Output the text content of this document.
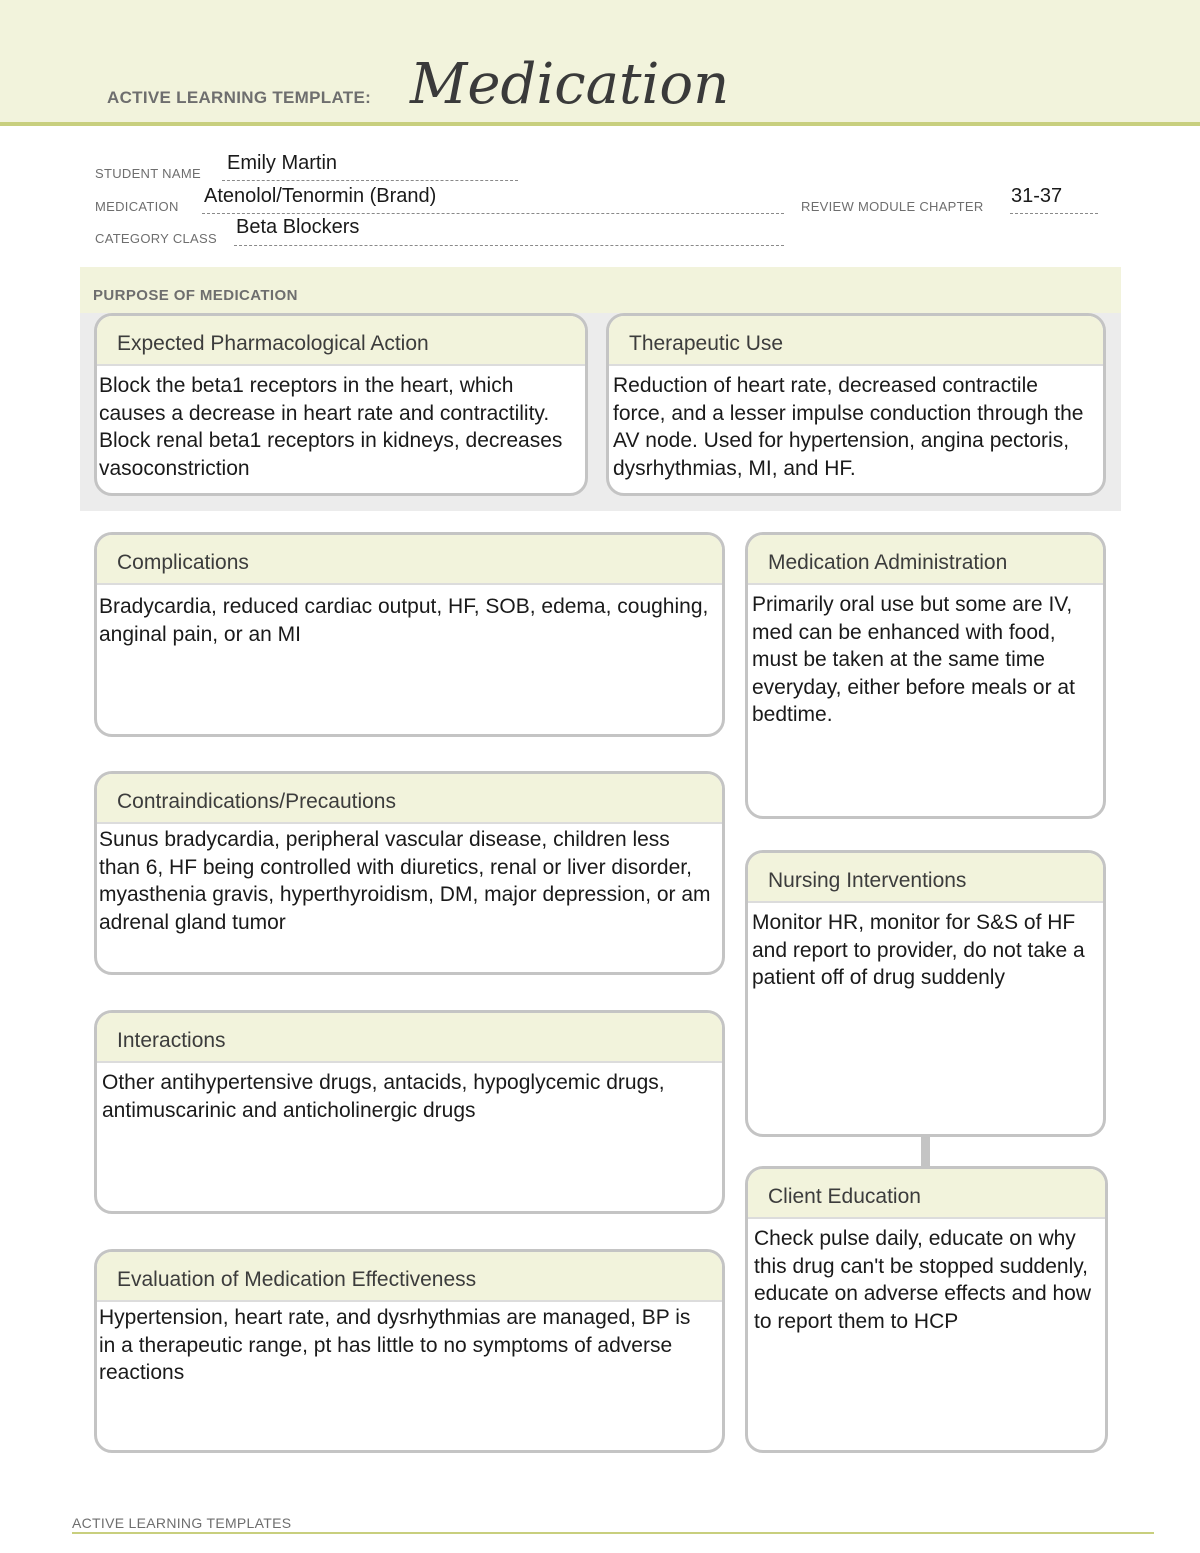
ACTIVE LEARNING TEMPLATE: Medication
STUDENT NAME Emily Martin
MEDICATION Atenolol/Tenormin (Brand)	REVIEW MODULE CHAPTER 31-37
CATEGORY CLASS
Beta Blockers
PURPOSE OF MEDICATION
Expected Pharmacological Action
Block the beta1 receptors in the heart, which causes a decrease in heart rate and contractility. Block renal beta1 receptors in kidneys, decreases vasoconstriction
Therapeutic Use
Reduction of heart rate, decreased contractile force, and a lesser impulse conduction through the AV node. Used for hypertension, angina pectoris, dysrhythmias, MI, and HF.
Complications
Bradycardia, reduced cardiac output, HF, SOB, edema, coughing, anginal pain, or an MI
Contraindications/Precautions
Sunus bradycardia, peripheral vascular disease, children less than 6, HF being controlled with diuretics, renal or liver disorder, myasthenia gravis, hyperthyroidism, DM, major depression, or am adrenal gland tumor
Interactions
Other antihypertensive drugs, antacids, hypoglycemic drugs, antimuscarinic and anticholinergic drugs
Evaluation of Medication Effectiveness
Hypertension, heart rate, and dysrhythmias are managed, BP is in a therapeutic range, pt has little to no symptoms of adverse reactions
Medication Administration
Primarily oral use but some are IV, med can be enhanced with food, must be taken at the same time everyday, either before meals or at bedtime.
Nursing Interventions
Monitor HR, monitor for S&S of HF and report to provider, do not take a patient off of drug suddenly
Client Education
Check pulse daily, educate on why this drug can't be stopped suddenly, educate on adverse effects and how to report them to HCP
ACTIVE LEARNING TEMPLATES
